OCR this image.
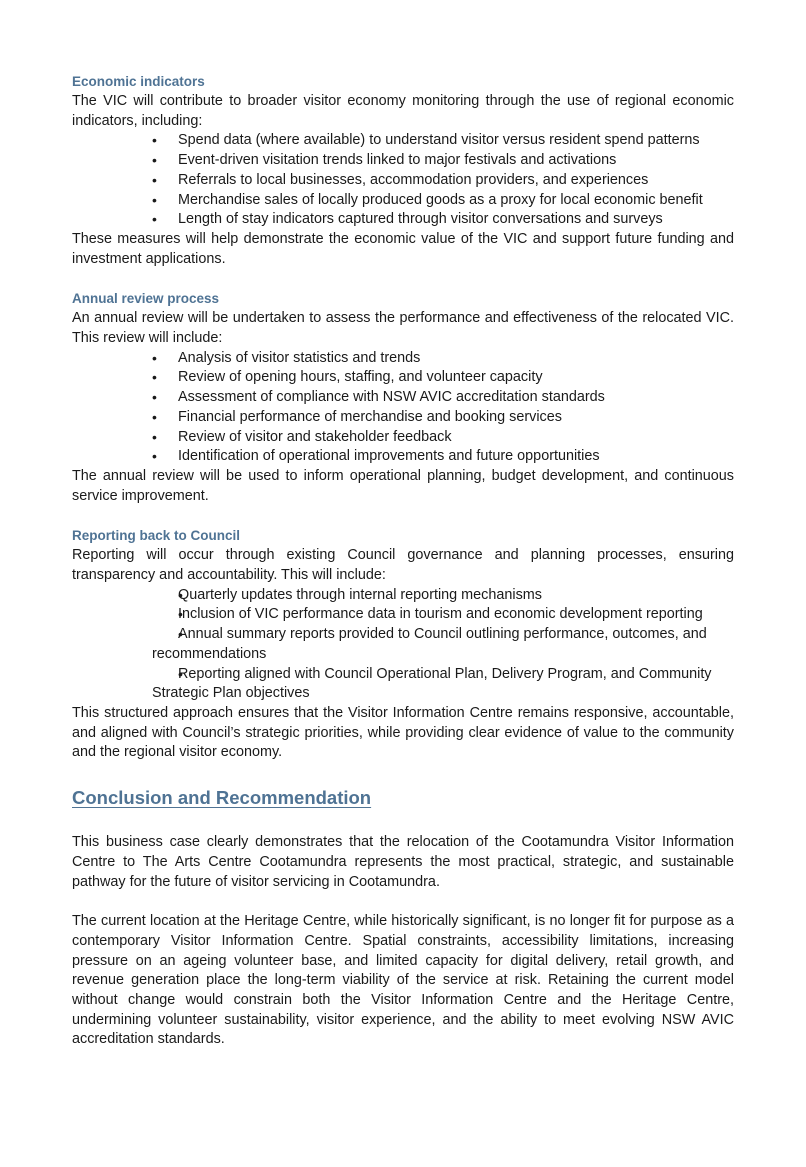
Economic indicators

The VIC will contribute to broader visitor economy monitoring through the use of regional economic indicators, including:

• Spend data (where available) to understand visitor versus resident spend patterns
• Event-driven visitation trends linked to major festivals and activations
• Referrals to local businesses, accommodation providers, and experiences
• Merchandise sales of locally produced goods as a proxy for local economic benefit
• Length of stay indicators captured through visitor conversations and surveys

These measures will help demonstrate the economic value of the VIC and support future funding and investment applications.

Annual review process

An annual review will be undertaken to assess the performance and effectiveness of the relocated VIC. This review will include:

• Analysis of visitor statistics and trends
• Review of opening hours, staffing, and volunteer capacity
• Assessment of compliance with NSW AVIC accreditation standards
• Financial performance of merchandise and booking services
• Review of visitor and stakeholder feedback
• Identification of operational improvements and future opportunities

The annual review will be used to inform operational planning, budget development, and continuous service improvement.

Reporting back to Council

Reporting will occur through existing Council governance and planning processes, ensuring transparency and accountability. This will include:

• Quarterly updates through internal reporting mechanisms
• Inclusion of VIC performance data in tourism and economic development reporting
• Annual summary reports provided to Council outlining performance, outcomes, and recommendations
• Reporting aligned with Council Operational Plan, Delivery Program, and Community Strategic Plan objectives

This structured approach ensures that the Visitor Information Centre remains responsive, accountable, and aligned with Council’s strategic priorities, while providing clear evidence of value to the community and the regional visitor economy.

Conclusion and Recommendation

This business case clearly demonstrates that the relocation of the Cootamundra Visitor Information Centre to The Arts Centre Cootamundra represents the most practical, strategic, and sustainable pathway for the future of visitor servicing in Cootamundra.

The current location at the Heritage Centre, while historically significant, is no longer fit for purpose as a contemporary Visitor Information Centre. Spatial constraints, accessibility limitations, increasing pressure on an ageing volunteer base, and limited capacity for digital delivery, retail growth, and revenue generation place the long-term viability of the service at risk. Retaining the current model without change would constrain both the Visitor Information Centre and the Heritage Centre, undermining volunteer sustainability, visitor experience, and the ability to meet evolving NSW AVIC accreditation standards.
